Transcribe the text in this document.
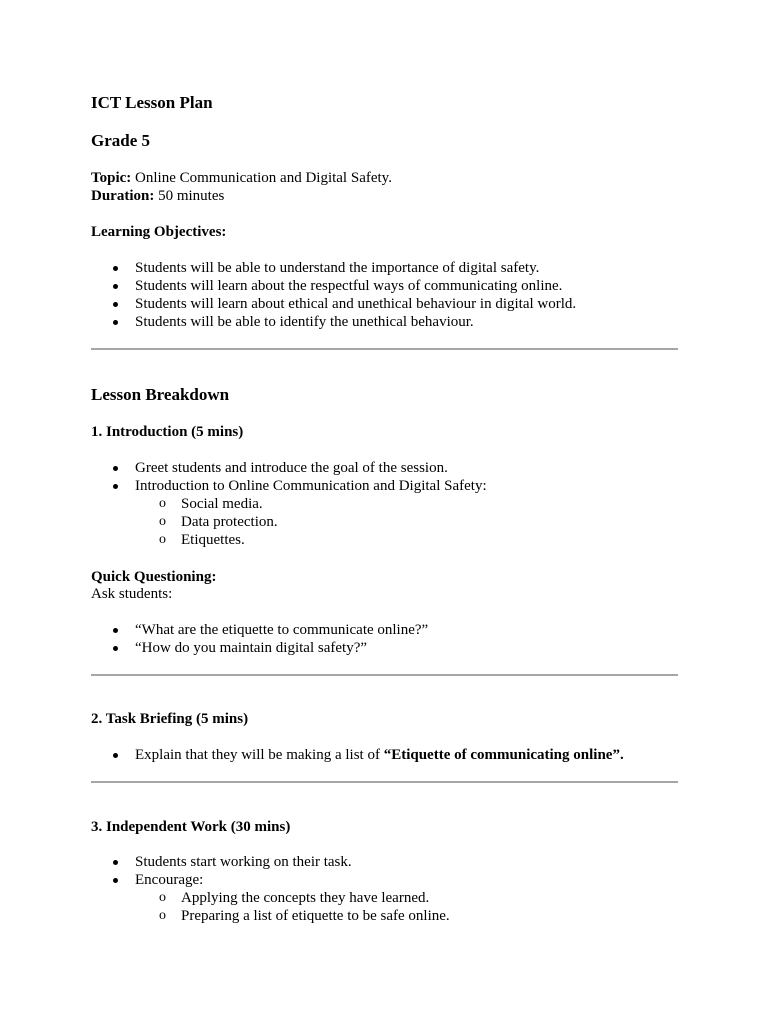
ICT Lesson Plan
Grade 5
Topic: Online Communication and Digital Safety.
Duration: 50 minutes
Learning Objectives:
Students will be able to understand the importance of digital safety.
Students will learn about the respectful ways of communicating online.
Students will learn about ethical and unethical behaviour in digital world.
Students will be able to identify the unethical behaviour.
Lesson Breakdown
1. Introduction (5 mins)
Greet students and introduce the goal of the session.
Introduction to Online Communication and Digital Safety:
o Social media.
o Data protection.
o Etiquettes.
Quick Questioning:
Ask students:
“What are the etiquette to communicate online?”
“How do you maintain digital safety?”
2. Task Briefing (5 mins)
Explain that they will be making a list of “Etiquette of communicating online”.
3. Independent Work (30 mins)
Students start working on their task.
Encourage:
o Applying the concepts they have learned.
o Preparing a list of etiquette to be safe online.
